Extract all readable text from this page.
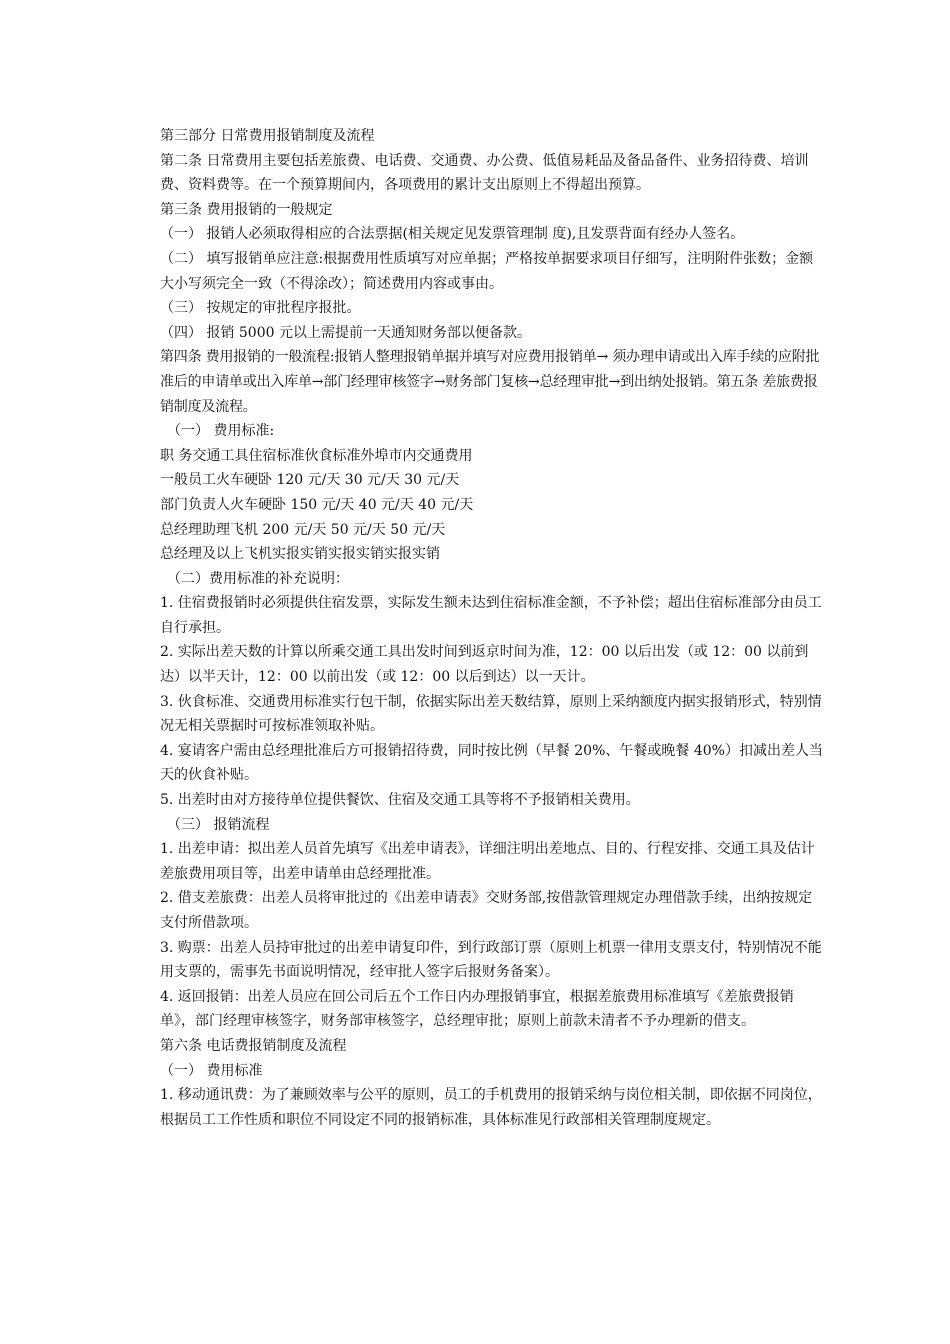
第三部分 日常费用报销制度及流程

第二条 日常费用主要包括差旅费、电话费、交通费、办公费、低值易耗品及备品备件、业务招待费、培训费、资料费等。在一个预算期间内，各项费用的累计支出原则上不得超出预算。

第三条 费用报销的一般规定

（一） 报销人必须取得相应的合法票据(相关规定见发票管理制 度),且发票背面有经办人签名。

（二） 填写报销单应注意:根据费用性质填写对应单据；严格按单据要求项目仔细写，注明附件张数；金额大小写须完全一致（不得涂改）；简述费用内容或事由。

（三） 按规定的审批程序报批。

（四） 报销 5000 元以上需提前一天通知财务部以便备款。

第四条 费用报销的一般流程:报销人整理报销单据并填写对应费用报销单→ 须办理申请或出入库手续的应附批准后的申请单或出入库单→部门经理审核签字→财务部门复核→总经理审批→到出纳处报销。第五条 差旅费报销制度及流程。

（一） 费用标准:

职 务交通工具住宿标准伙食标准外埠市内交通费用

一般员工火车硬卧 120 元/天 30 元/天 30 元/天

部门负责人火车硬卧 150 元/天 40 元/天 40 元/天

总经理助理飞机 200 元/天 50 元/天 50 元/天

总经理及以上飞机实报实销实报实销实报实销

（二）费用标准的补充说明：

1. 住宿费报销时必须提供住宿发票，实际发生额未达到住宿标准金额，不予补偿；超出住宿标准部分由员工自行承担。

2. 实际出差天数的计算以所乘交通工具出发时间到返京时间为准，12：00 以后出发（或 12：00 以前到达）以半天计，12：00 以前出发（或 12：00 以后到达）以一天计。

3. 伙食标准、交通费用标准实行包干制，依据实际出差天数结算，原则上采纳额度内据实报销形式，特别情况无相关票据时可按标准领取补贴。

4. 宴请客户需由总经理批准后方可报销招待费，同时按比例（早餐 20%、午餐或晚餐 40%）扣减出差人当天的伙食补贴。

5. 出差时由对方接待单位提供餐饮、住宿及交通工具等将不予报销相关费用。

（三） 报销流程

1. 出差申请：拟出差人员首先填写《出差申请表》，详细注明出差地点、目的、行程安排、交通工具及估计差旅费用项目等，出差申请单由总经理批准。

2. 借支差旅费：出差人员将审批过的《出差申请表》交财务部,按借款管理规定办理借款手续，出纳按规定支付所借款项。

3. 购票：出差人员持审批过的出差申请复印件，到行政部订票（原则上机票一律用支票支付，特别情况不能用支票的，需事先书面说明情况，经审批人签字后报财务备案）。

4. 返回报销：出差人员应在回公司后五个工作日内办理报销事宜，根据差旅费用标准填写《差旅费报销单》，部门经理审核签字，财务部审核签字，总经理审批；原则上前款未清者不予办理新的借支。

第六条 电话费报销制度及流程

（一） 费用标准

1. 移动通讯费：为了兼顾效率与公平的原则，员工的手机费用的报销采纳与岗位相关制，即依据不同岗位，根据员工工作性质和职位不同设定不同的报销标准，具体标准见行政部相关管理制度规定。
